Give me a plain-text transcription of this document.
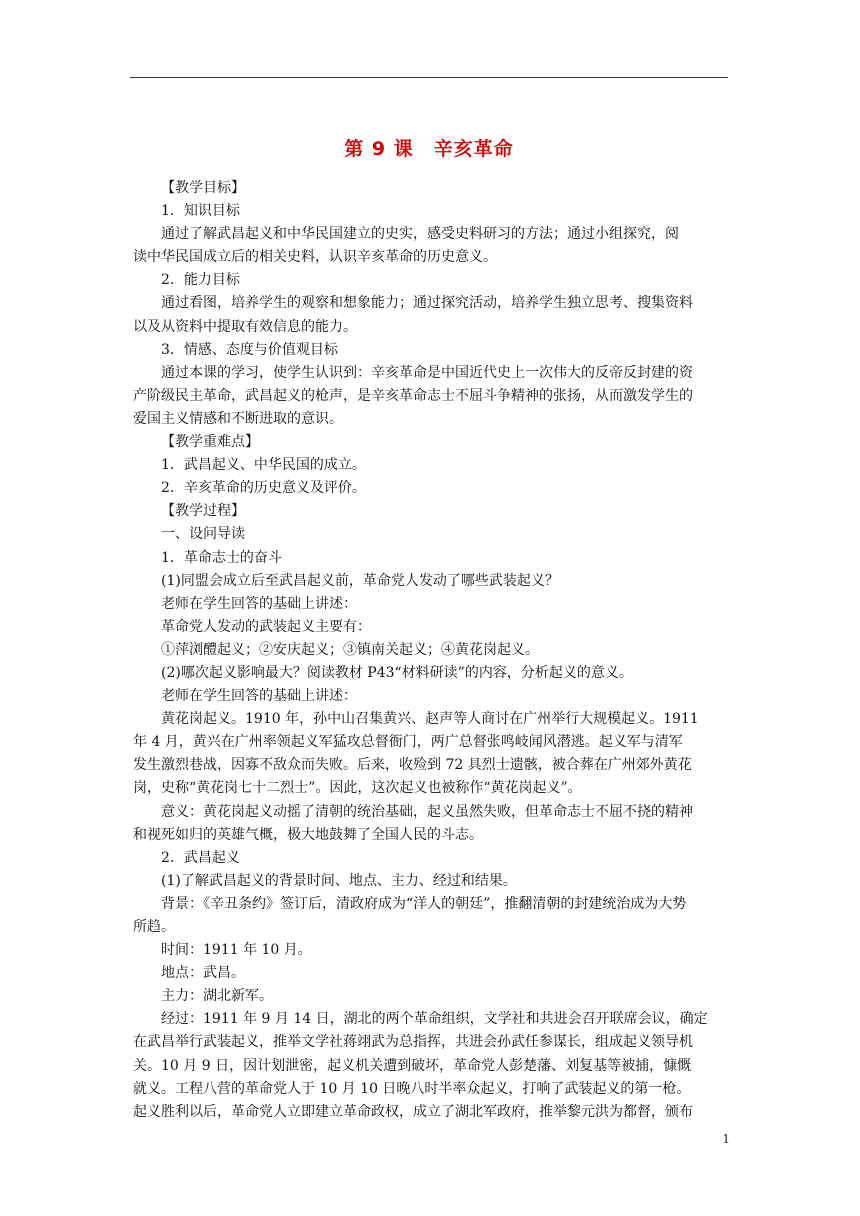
第 9 课　辛亥革命
【教学目标】
1．知识目标
通过了解武昌起义和中华民国建立的史实，感受史料研习的方法；通过小组探究，阅
读中华民国成立后的相关史料，认识辛亥革命的历史意义。
2．能力目标
通过看图，培养学生的观察和想象能力；通过探究活动，培养学生独立思考、搜集资料
以及从资料中提取有效信息的能力。
3．情感、态度与价值观目标
通过本课的学习，使学生认识到：辛亥革命是中国近代史上一次伟大的反帝反封建的资
产阶级民主革命，武昌起义的枪声，是辛亥革命志士不屈斗争精神的张扬，从而激发学生的
爱国主义情感和不断进取的意识。
【教学重难点】
1．武昌起义、中华民国的成立。
2．辛亥革命的历史意义及评价。
【教学过程】
一、设问导读
1．革命志士的奋斗
(1)同盟会成立后至武昌起义前，革命党人发动了哪些武装起义？
老师在学生回答的基础上讲述：
革命党人发动的武装起义主要有：
①萍浏醴起义；②安庆起义；③镇南关起义；④黄花岗起义。
(2)哪次起义影响最大？阅读教材 P43“材料研读”的内容，分析起义的意义。
老师在学生回答的基础上讲述：
黄花岗起义。1910 年，孙中山召集黄兴、赵声等人商讨在广州举行大规模起义。1911
年 4 月，黄兴在广州率领起义军猛攻总督衙门，两广总督张鸣岐闻风潜逃。起义军与清军
发生激烈巷战，因寡不敌众而失败。后来，收殓到 72 具烈士遗骸，被合葬在广州郊外黄花
岗，史称“黄花岗七十二烈士”。因此，这次起义也被称作“黄花岗起义”。
意义：黄花岗起义动摇了清朝的统治基础，起义虽然失败，但革命志士不屈不挠的精神
和视死如归的英雄气概，极大地鼓舞了全国人民的斗志。
2．武昌起义
(1)了解武昌起义的背景时间、地点、主力、经过和结果。
背景：《辛丑条约》签订后，清政府成为“洋人的朝廷”，推翻清朝的封建统治成为大势
所趋。
时间：1911 年 10 月。
地点：武昌。
主力：湖北新军。
经过：1911 年 9 月 14 日，湖北的两个革命组织，文学社和共进会召开联席会议，确定
在武昌举行武装起义，推举文学社蒋翊武为总指挥，共进会孙武任参谋长，组成起义领导机
关。10 月 9 日，因计划泄密，起义机关遭到破坏，革命党人彭楚藩、刘复基等被捕，慷慨
就义。工程八营的革命党人于 10 月 10 日晚八时半率众起义，打响了武装起义的第一枪。
起义胜利以后，革命党人立即建立革命政权，成立了湖北军政府，推举黎元洪为都督，颁布
1
